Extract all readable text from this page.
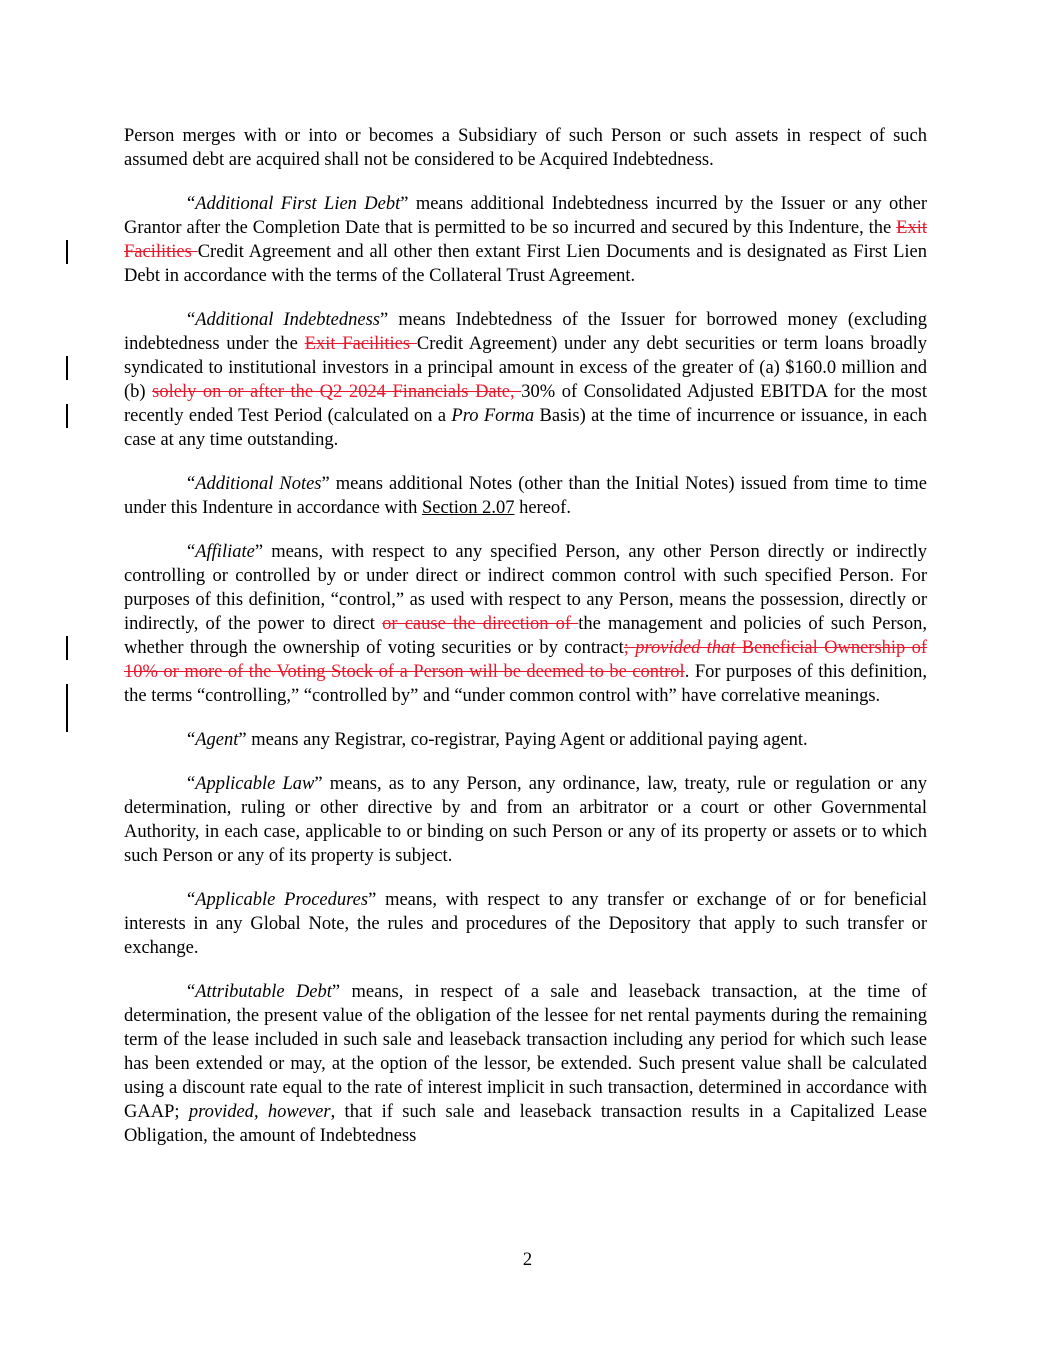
Person merges with or into or becomes a Subsidiary of such Person or such assets in respect of such assumed debt are acquired shall not be considered to be Acquired Indebtedness.

“Additional First Lien Debt” means additional Indebtedness incurred by the Issuer or any other Grantor after the Completion Date that is permitted to be so incurred and secured by this Indenture, the Exit Facilities Credit Agreement and all other then extant First Lien Documents and is designated as First Lien Debt in accordance with the terms of the Collateral Trust Agreement.

“Additional Indebtedness” means Indebtedness of the Issuer for borrowed money (excluding indebtedness under the Exit Facilities Credit Agreement) under any debt securities or term loans broadly syndicated to institutional investors in a principal amount in excess of the greater of (a) $160.0 million and (b) solely on or after the Q2 2024 Financials Date, 30% of Consolidated Adjusted EBITDA for the most recently ended Test Period (calculated on a Pro Forma Basis) at the time of incurrence or issuance, in each case at any time outstanding.

“Additional Notes” means additional Notes (other than the Initial Notes) issued from time to time under this Indenture in accordance with Section 2.07 hereof.

“Affiliate” means, with respect to any specified Person, any other Person directly or indirectly controlling or controlled by or under direct or indirect common control with such specified Person. For purposes of this definition, “control,” as used with respect to any Person, means the possession, directly or indirectly, of the power to direct or cause the direction of the management and policies of such Person, whether through the ownership of voting securities or by contract; provided that Beneficial Ownership of 10% or more of the Voting Stock of a Person will be deemed to be control. For purposes of this definition, the terms “controlling,” “controlled by” and “under common control with” have correlative meanings.

“Agent” means any Registrar, co-registrar, Paying Agent or additional paying agent.

“Applicable Law” means, as to any Person, any ordinance, law, treaty, rule or regulation or any determination, ruling or other directive by and from an arbitrator or a court or other Governmental Authority, in each case, applicable to or binding on such Person or any of its property or assets or to which such Person or any of its property is subject.

“Applicable Procedures” means, with respect to any transfer or exchange of or for beneficial interests in any Global Note, the rules and procedures of the Depository that apply to such transfer or exchange.

“Attributable Debt” means, in respect of a sale and leaseback transaction, at the time of determination, the present value of the obligation of the lessee for net rental payments during the remaining term of the lease included in such sale and leaseback transaction including any period for which such lease has been extended or may, at the option of the lessor, be extended. Such present value shall be calculated using a discount rate equal to the rate of interest implicit in such transaction, determined in accordance with GAAP; provided, however, that if such sale and leaseback transaction results in a Capitalized Lease Obligation, the amount of Indebtedness

2
